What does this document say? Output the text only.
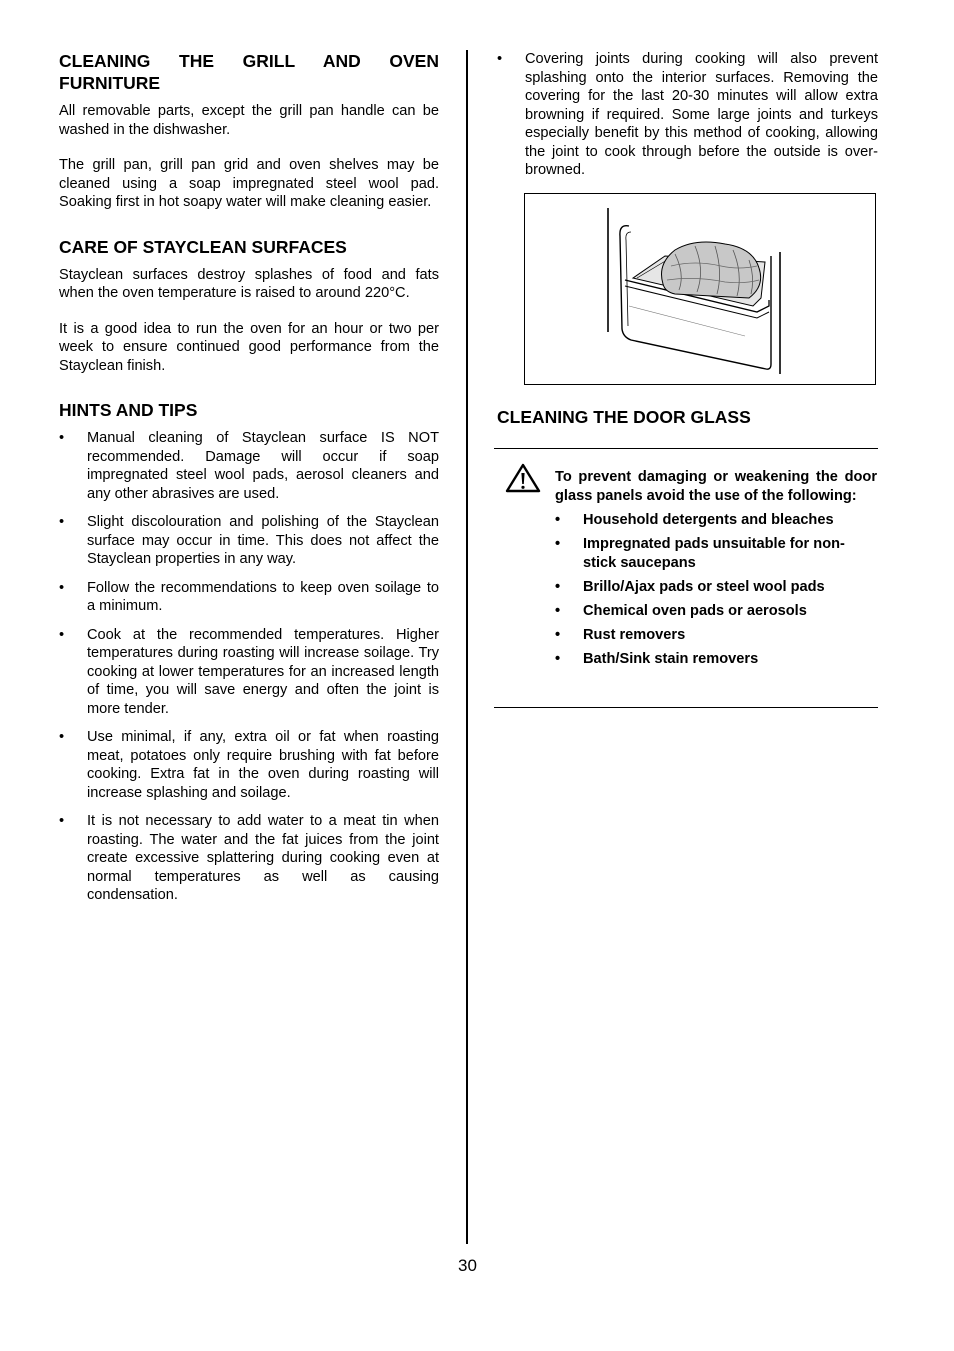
CLEANING THE GRILL AND OVEN FURNITURE

All removable parts, except the grill pan handle can be washed in the dishwasher.

The grill pan, grill pan grid and oven shelves may be cleaned using a soap impregnated steel wool pad. Soaking first in hot soapy water will make cleaning easier.

CARE OF STAYCLEAN SURFACES

Stayclean surfaces destroy splashes of food and fats when the oven temperature is raised to around 220°C.

It is a good idea to run the oven for an hour or two per week to ensure continued good performance from the Stayclean finish.

HINTS AND TIPS
• Manual cleaning of Stayclean surface IS NOT recommended. Damage will occur if soap impregnated steel wool pads, aerosol cleaners and any other abrasives are used.
• Slight discolouration and polishing of the Stayclean surface may occur in time. This does not affect the Stayclean properties in any way.
• Follow the recommendations to keep oven soilage to a minimum.
• Cook at the recommended temperatures. Higher temperatures during roasting will increase soilage. Try cooking at lower temperatures for an increased length of time, you will save energy and often the joint is more tender.
• Use minimal, if any, extra oil or fat when roasting meat, potatoes only require brushing with fat before cooking. Extra fat in the oven during roasting will increase splashing and soilage.
• It is not necessary to add water to a meat tin when roasting. The water and the fat juices from the joint create excessive splattering during cooking even at normal temperatures as well as causing condensation.
• Covering joints during cooking will also prevent splashing onto the interior surfaces. Removing the covering for the last 20-30 minutes will allow extra browning if required. Some large joints and turkeys especially benefit by this method of cooking, allowing the joint to cook through before the outside is over-browned.
CLEANING THE DOOR GLASS

To prevent damaging or weakening the door glass panels avoid the use of the following:

• Household detergents and bleaches
• Impregnated pads unsuitable for non-stick saucepans
• Brillo/Ajax pads or steel wool pads
• Chemical oven pads or aerosols
• Rust removers
• Bath/Sink stain removers
30
